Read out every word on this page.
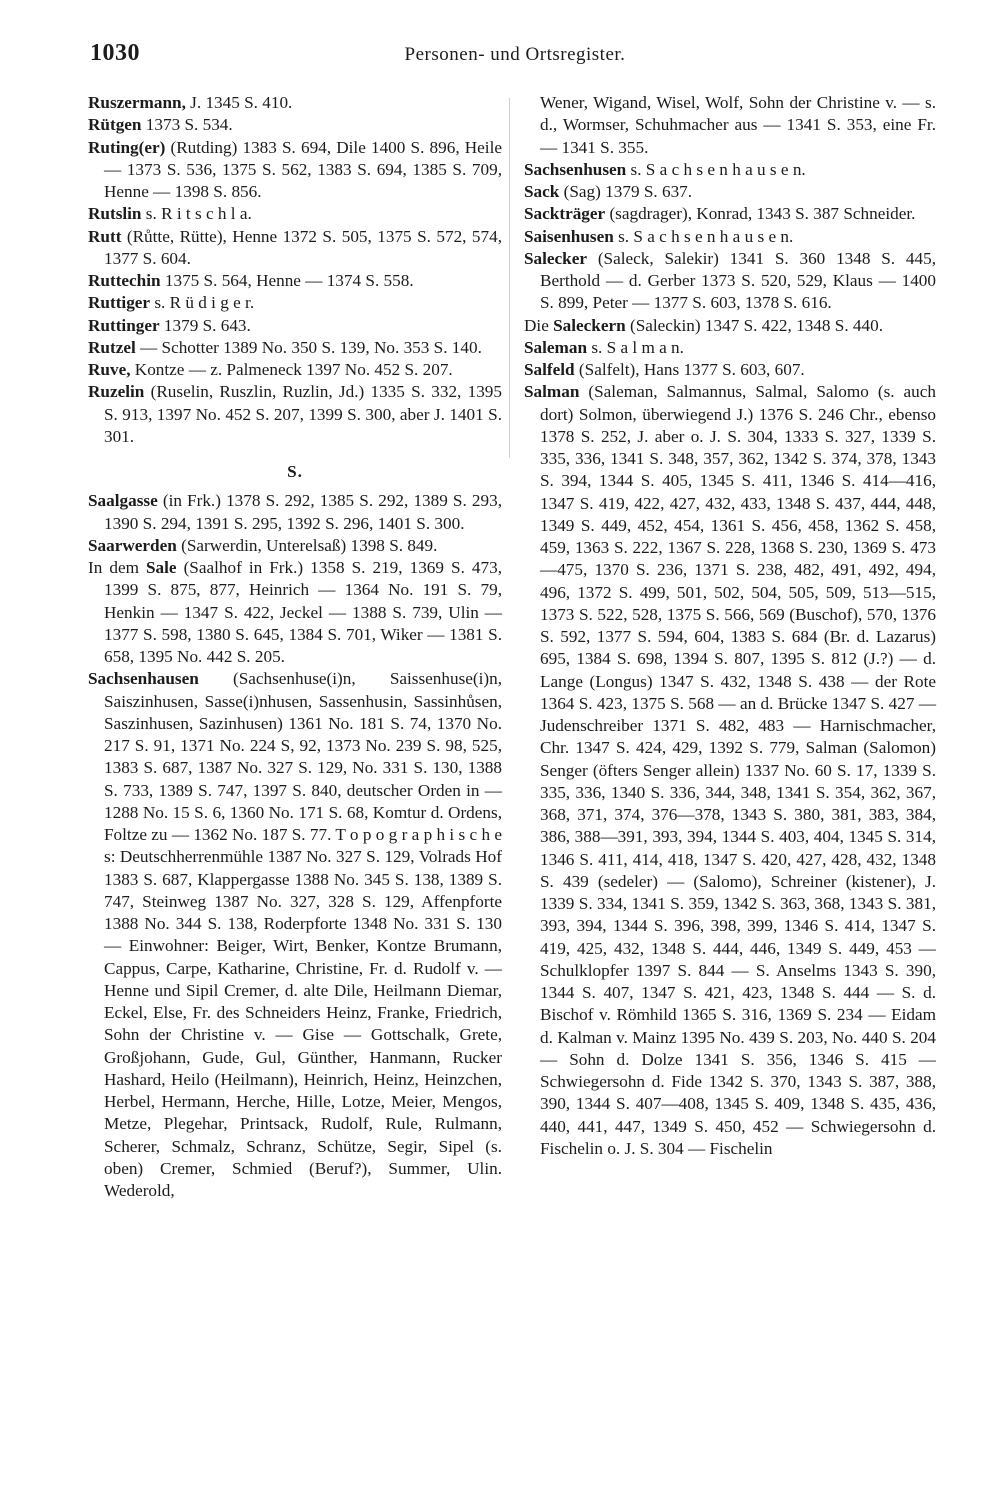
1030	Personen- und Ortsregister.

Ruszermann, J. 1345 S. 410.

Rütgen 1373 S. 534.

Ruting(er) (Rutding) 1383 S. 694, Dile 1400 S. 896, Heile — 1373 S. 536, 1375 S. 562, 1383 S. 694, 1385 S. 709, Henne — 1398 S. 856.

Rutslin s. R i t s c h l a.

Rutt (Růtte, Rütte), Henne 1372 S. 505, 1375 S. 572, 574, 1377 S. 604.

Ruttechin 1375 S. 564, Henne — 1374 S. 558.

Ruttiger s. R ü d i g e r.

Ruttinger 1379 S. 643.

Rutzel — Schotter 1389 No. 350 S. 139, No. 353 S. 140.

Ruve, Kontze — z. Palmeneck 1397 No. 452 S. 207.

Ruzelin (Ruselin, Ruszlin, Ruzlin, Jd.) 1335 S. 332, 1395 S. 913, 1397 No. 452 S. 207, 1399 S. 300, aber J. 1401 S. 301.

S.

Saalgasse (in Frk.) 1378 S. 292, 1385 S. 292, 1389 S. 293, 1390 S. 294, 1391 S. 295, 1392 S. 296, 1401 S. 300.

Saarwerden (Sarwerdin, Unterelsaß) 1398 S. 849.

In dem Sale (Saalhof in Frk.) 1358 S. 219, 1369 S. 473, 1399 S. 875, 877, Heinrich — 1364 No. 191 S. 79, Henkin — 1347 S. 422, Jeckel — 1388 S. 739, Ulin — 1377 S. 598, 1380 S. 645, 1384 S. 701, Wiker — 1381 S. 658, 1395 No. 442 S. 205.

Sachsenhausen (Sachsenhuse(i)n, Saissenhuse(i)n, Saiszinhusen, Sasse(i)nhusen, Sassenhusin, Sassinhůsen, Saszinhusen, Sazinhusen) 1361 No. 181 S. 74, 1370 No. 217 S. 91, 1371 No. 224 S, 92, 1373 No. 239 S. 98, 525, 1383 S. 687, 1387 No. 327 S. 129, No. 331 S. 130, 1388 S. 733, 1389 S. 747, 1397 S. 840, deutscher Orden in — 1288 No. 15 S. 6, 1360 No. 171 S. 68, Komtur d. Ordens, Foltze zu — 1362 No. 187 S. 77. T o p o g r a p h i s c h e s: Deutschherrenmühle 1387 No. 327 S. 129, Volrads Hof 1383 S. 687, Klappergasse 1388 No. 345 S. 138, 1389 S. 747, Steinweg 1387 No. 327, 328 S. 129, Affenpforte 1388 No. 344 S. 138, Roderpforte 1348 No. 331 S. 130 — Einwohner: Beiger, Wirt, Benker, Kontze Brumann, Cappus, Carpe, Katharine, Christine, Fr. d. Rudolf v. — Henne und Sipil Cremer, d. alte Dile, Heilmann Diemar, Eckel, Else, Fr. des Schneiders Heinz, Franke, Friedrich, Sohn der Christine v. — Gise — Gottschalk, Grete, Großjohann, Gude, Gul, Günther, Hanmann, Rucker Hashard, Heilo (Heilmann), Heinrich, Heinz, Heinzchen, Herbel, Hermann, Herche, Hille, Lotze, Meier, Mengos, Metze, Plegehar, Printsack, Rudolf, Rule, Rulmann, Scherer, Schmalz, Schranz, Schütze, Segir, Sipel (s. oben) Cremer, Schmied (Beruf?), Summer, Ulin. Wederold,

Wener, Wigand, Wisel, Wolf, Sohn der Christine v. — s. d., Wormser, Schuhmacher aus — 1341 S. 353, eine Fr. — 1341 S. 355.

Sachsenhusen s. S a c h s e n h a u s e n.

Sack (Sag) 1379 S. 637.

Sackträger (sagdrager), Konrad, 1343 S. 387 Schneider.

Saisenhusen s. S a c h s e n h a u s e n.

Salecker (Saleck, Salekir) 1341 S. 360 1348 S. 445, Berthold — d. Gerber 1373 S. 520, 529, Klaus — 1400 S. 899, Peter — 1377 S. 603, 1378 S. 616.

Die Saleckern (Saleckin) 1347 S. 422, 1348 S. 440.

Saleman s. S a l m a n.

Salfeld (Salfelt), Hans 1377 S. 603, 607.

Salman (Saleman, Salmannus, Salmal, Salomo (s. auch dort) Solmon, überwiegend J.) 1376 S. 246 Chr., ebenso 1378 S. 252, J. aber o. J. S. 304, 1333 S. 327, 1339 S. 335, 336, 1341 S. 348, 357, 362, 1342 S. 374, 378, 1343 S. 394, 1344 S. 405, 1345 S. 411, 1346 S. 414—416, 1347 S. 419, 422, 427, 432, 433, 1348 S. 437, 444, 448, 1349 S. 449, 452, 454, 1361 S. 456, 458, 1362 S. 458, 459, 1363 S. 222, 1367 S. 228, 1368 S. 230, 1369 S. 473—475, 1370 S. 236, 1371 S. 238, 482, 491, 492, 494, 496, 1372 S. 499, 501, 502, 504, 505, 509, 513—515, 1373 S. 522, 528, 1375 S. 566, 569 (Buschof), 570, 1376 S. 592, 1377 S. 594, 604, 1383 S. 684 (Br. d. Lazarus) 695, 1384 S. 698, 1394 S. 807, 1395 S. 812 (J.?) — d. Lange (Longus) 1347 S. 432, 1348 S. 438 — der Rote 1364 S. 423, 1375 S. 568 — an d. Brücke 1347 S. 427 — Judenschreiber 1371 S. 482, 483 — Harnischmacher, Chr. 1347 S. 424, 429, 1392 S. 779, Salman (Salomon) Senger (öfters Senger allein) 1337 No. 60 S. 17, 1339 S. 335, 336, 1340 S. 336, 344, 348, 1341 S. 354, 362, 367, 368, 371, 374, 376—378, 1343 S. 380, 381, 383, 384, 386, 388—391, 393, 394, 1344 S. 403, 404, 1345 S. 314, 1346 S. 411, 414, 418, 1347 S. 420, 427, 428, 432, 1348 S. 439 (sedeler) — (Salomo), Schreiner (kistener), J. 1339 S. 334, 1341 S. 359, 1342 S. 363, 368, 1343 S. 381, 393, 394, 1344 S. 396, 398, 399, 1346 S. 414, 1347 S. 419, 425, 432, 1348 S. 444, 446, 1349 S. 449, 453 — Schulklopfer 1397 S. 844 — S. Anselms 1343 S. 390, 1344 S. 407, 1347 S. 421, 423, 1348 S. 444 — S. d. Bischof v. Römhild 1365 S. 316, 1369 S. 234 — Eidam d. Kalman v. Mainz 1395 No. 439 S. 203, No. 440 S. 204 — Sohn d. Dolze 1341 S. 356, 1346 S. 415 — Schwiegersohn d. Fide 1342 S. 370, 1343 S. 387, 388, 390, 1344 S. 407—408, 1345 S. 409, 1348 S. 435, 436, 440, 441, 447, 1349 S. 450, 452 — Schwiegersohn d. Fischelin o. J. S. 304 — Fischelin
